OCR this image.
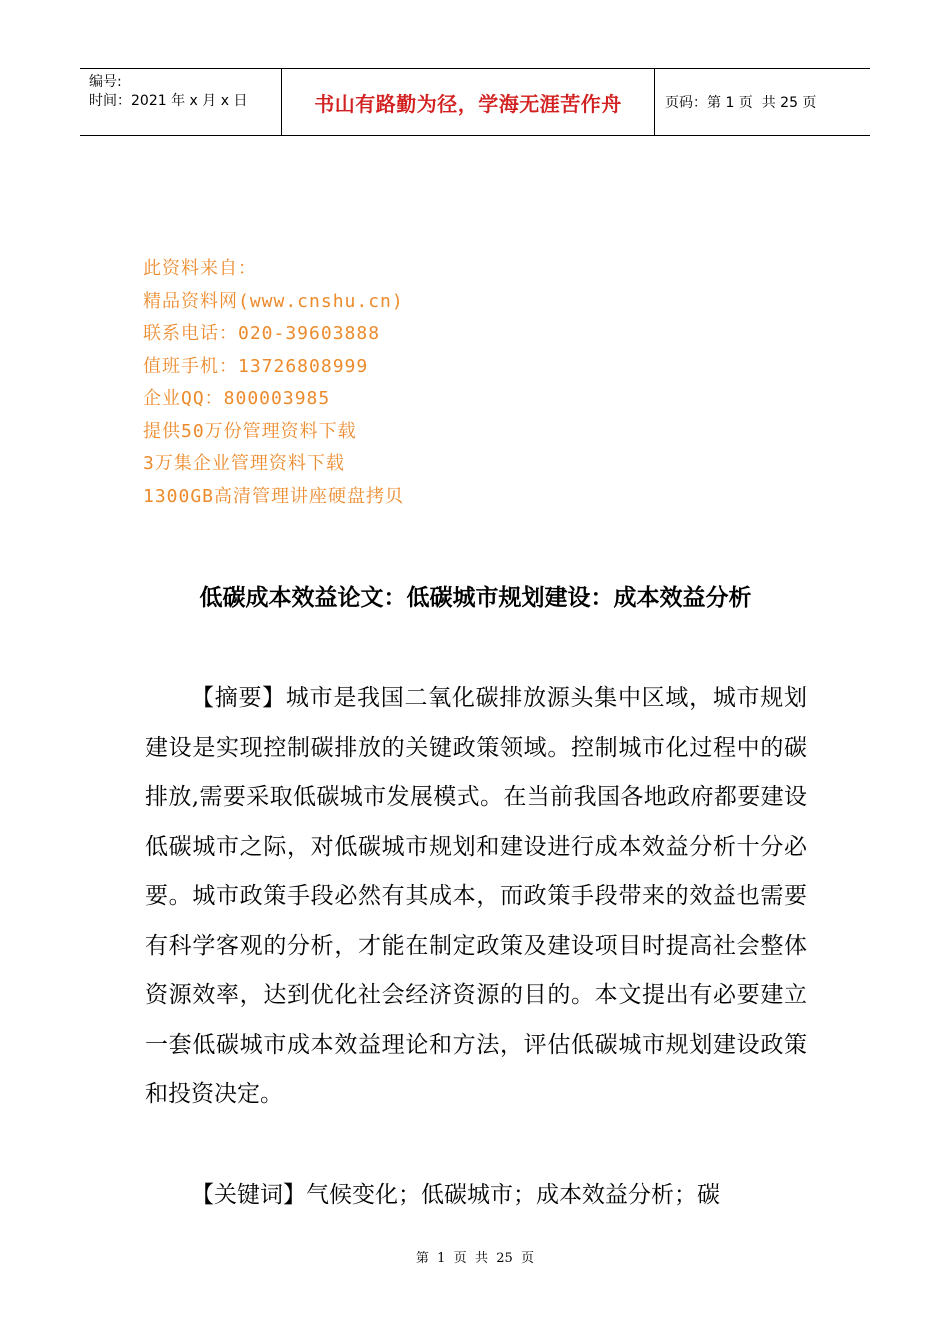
编号:
时间：2021 年 x 月 x 日	书山有路勤为径，学海无涯苦作舟	页码：第 1 页  共 25 页
此资料来自：
精品资料网(www.cnshu.cn)
联系电话：020-39603888
值班手机：13726808999
企业QQ：800003985
提供50万份管理资料下载
3万集企业管理资料下载
1300GB高清管理讲座硬盘拷贝
低碳成本效益论文：低碳城市规划建设：成本效益分析

【摘要】城市是我国二氧化碳排放源头集中区域，城市规划建设是实现控制碳排放的关键政策领域。控制城市化过程中的碳排放,需要采取低碳城市发展模式。在当前我国各地政府都要建设低碳城市之际，对低碳城市规划和建设进行成本效益分析十分必要。城市政策手段必然有其成本，而政策手段带来的效益也需要有科学客观的分析，才能在制定政策及建设项目时提高社会整体资源效率，达到优化社会经济资源的目的。本文提出有必要建立一套低碳城市成本效益理论和方法，评估低碳城市规划建设政策和投资决定。

【关键词】气候变化；低碳城市；成本效益分析；碳

第  1  页  共  25  页
